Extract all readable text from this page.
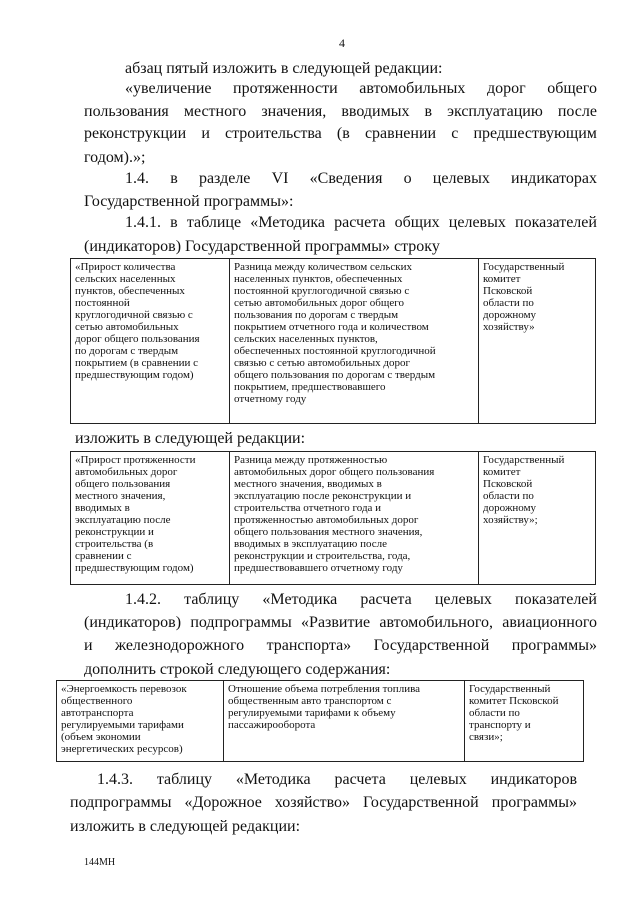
4
абзац пятый изложить в следующей редакции:
«увеличение протяженности автомобильных дорог общего
пользования местного значения, вводимых в эксплуатацию после
реконструкции и строительства (в сравнении с предшествующим
годом).»;
1.4. в разделе VI «Сведения о целевых индикаторах
Государственной программы»:
1.4.1. в таблице «Методика расчета общих целевых показателей
(индикаторов) Государственной программы» строку
«Прирост количества
сельских населенных
пунктов, обеспеченных
постоянной
круглогодичной связью с
сетью автомобильных
дорог общего пользования
по дорогам с твердым
покрытием (в сравнении с
предшествующим годом)	Разница между количеством сельских
населенных пунктов, обеспеченных
постоянной круглогодичной связью с
сетью автомобильных дорог общего
пользования по дорогам с твердым
покрытием отчетного года и количеством
сельских населенных пунктов,
обеспеченных постоянной круглогодичной
связью с сетью автомобильных дорог
общего пользования по дорогам с твердым
покрытием, предшествовавшего
отчетному году	Государственный
комитет
Псковской
области по
дорожному
хозяйству»
изложить в следующей редакции:
«Прирост протяженности
автомобильных дорог
общего пользования
местного значения,
вводимых в
эксплуатацию после
реконструкции и
строительства (в
сравнении с
предшествующим годом)	Разница между протяженностью
автомобильных дорог общего пользования
местного значения, вводимых в
эксплуатацию после реконструкции и
строительства отчетного года и
протяженностью автомобильных дорог
общего пользования местного значения,
вводимых в эксплуатацию после
реконструкции и строительства, года,
предшествовавшего отчетному году	Государственный
комитет
Псковской
области по
дорожному
хозяйству»;
1.4.2. таблицу «Методика расчета целевых показателей
(индикаторов) подпрограммы «Развитие автомобильного, авиационного
и железнодорожного транспорта» Государственной программы»
дополнить строкой следующего содержания:
«Энергоемкость перевозок
общественного
автотранспорта
регулируемыми тарифами
(объем экономии
энергетических ресурсов)	Отношение объема потребления топлива
общественным авто транспортом с
регулируемыми тарифами к объему
пассажирооборота	Государственный
комитет Псковской
области по
транспорту и
связи»;
1.4.3. таблицу «Методика расчета целевых индикаторов
подпрограммы «Дорожное хозяйство» Государственной программы»
изложить в следующей редакции:
144МН
